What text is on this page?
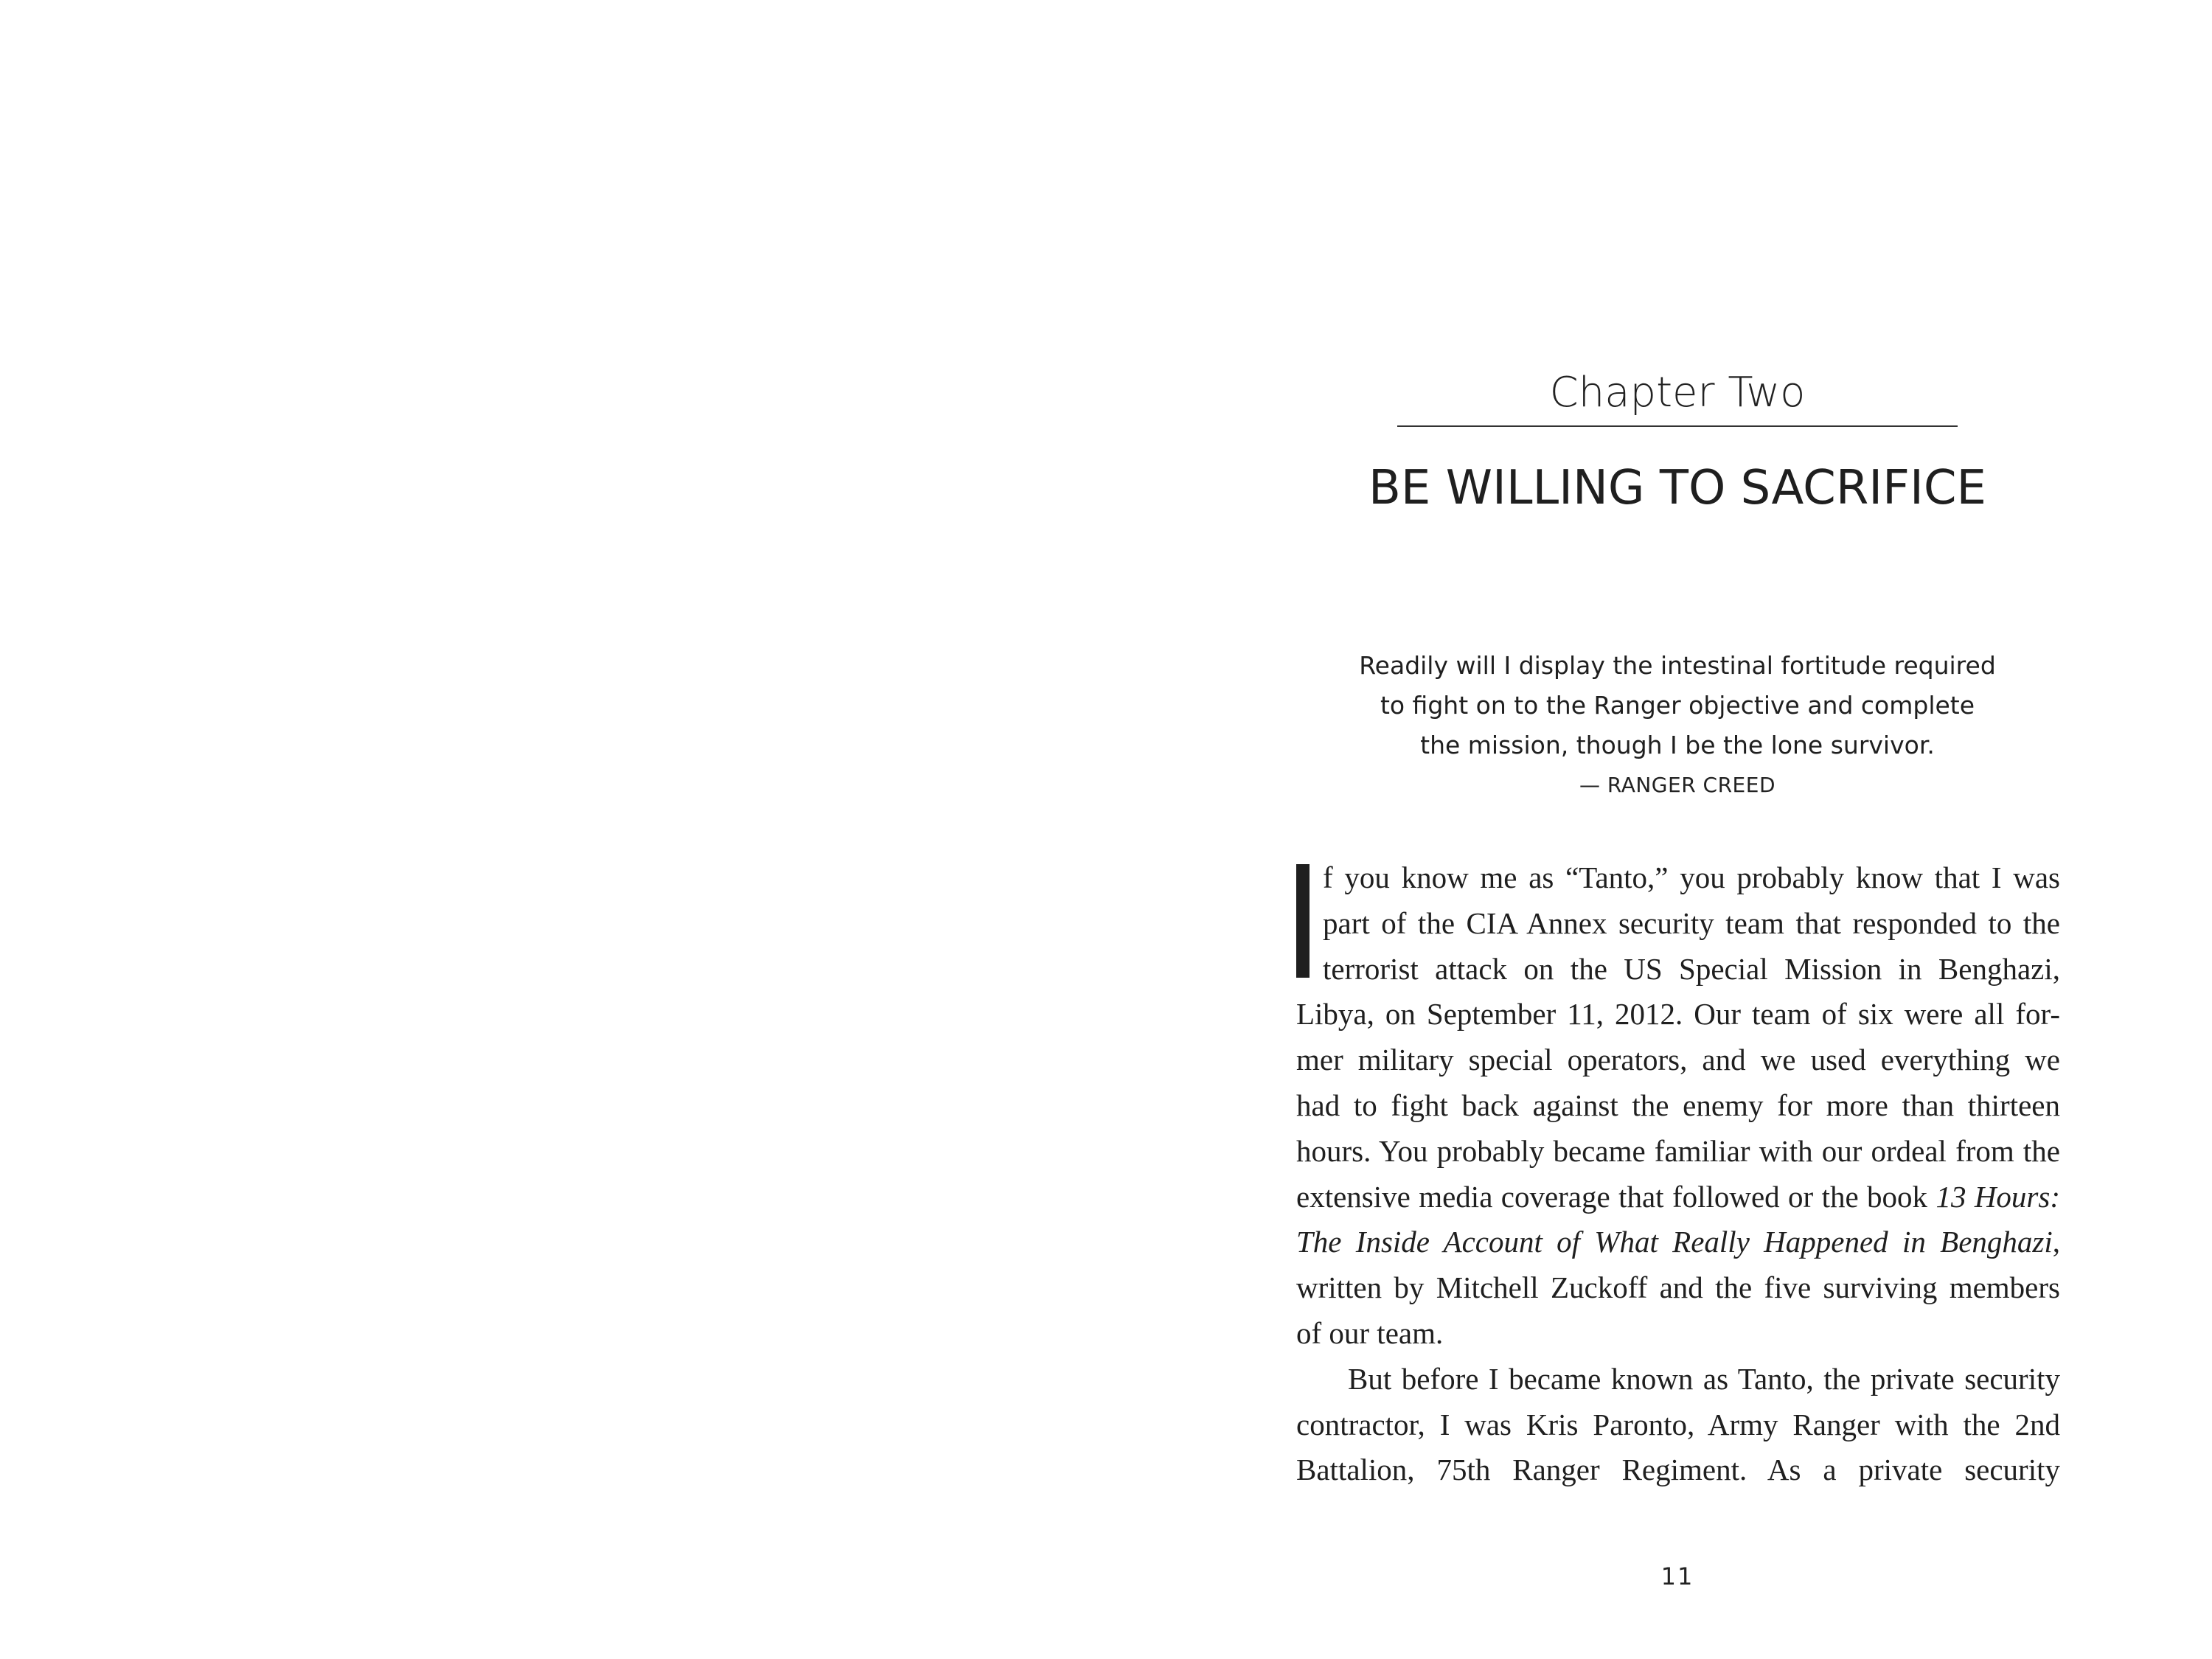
Chapter Two
BE WILLING TO SACRIFICE
Readily will I display the intestinal fortitude required
to fight on to the Ranger objective and complete
the mission, though I be the lone survivor.
— RANGER CREED
f you know me as “Tanto,” you probably know that I was
part of the CIA Annex security team that responded to the
terrorist attack on the US Special Mission in Benghazi,
Libya, on September 11, 2012. Our team of six were all for-
mer military special operators, and we used everything we
had to fight back against the enemy for more than thirteen
hours. You probably became familiar with our ordeal from the
extensive media coverage that followed or the book 13 Hours:
The Inside Account of What Really Happened in Benghazi,
written by Mitchell Zuckoff and the five surviving members
of our team.
But before I became known as Tanto, the private security
contractor, I was Kris Paronto, Army Ranger with the 2nd
Battalion, 75th Ranger Regiment. As a private security
11
